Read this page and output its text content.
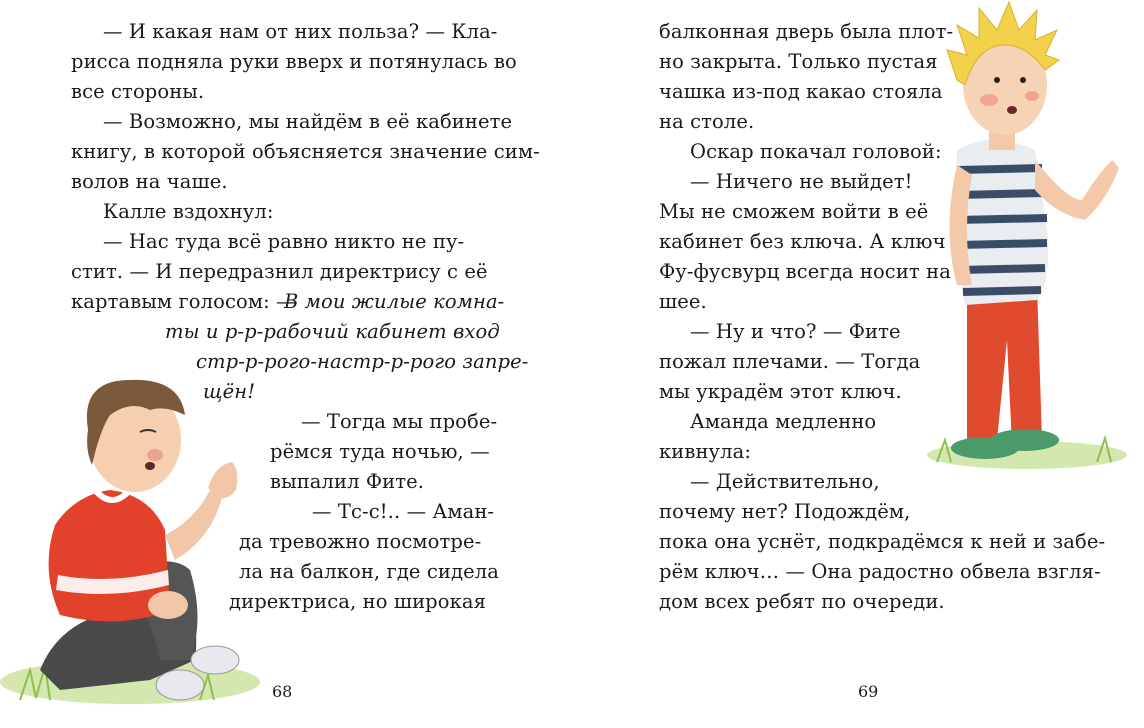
— И какая нам от них польза? — Кла-
рисса подняла руки вверх и потянулась во
все стороны.
— Возможно, мы найдём в её кабинете
книгу, в которой объясняется значение сим-
волов на чаше.
Калле вздохнул:
— Нас туда всё равно никто не пу-
стит. — И передразнил директрису с её
картавым голосом: —
В мои жилые комна-
ты и р-р-рабочий кабинет вход
стр-р-рого-настр-р-рого запре-
щён!
— Тогда мы пробе-
рёмся туда ночью, —
выпалил Фите.
— Тс-с!.. — Аман-
да тревожно посмотре-
ла на балкон, где сидела
директриса, но широкая
68
балконная дверь была плот-
но закрыта. Только пустая
чашка из-под какао стояла
на столе.
Оскар покачал головой:
— Ничего не выйдет!
Мы не сможем войти в её
кабинет без ключа. А ключ
Фу-фусвурц всегда носит на
шее.
— Ну и что? — Фите
пожал плечами. — Тогда
мы украдём этот ключ.
Аманда медленно
кивнула:
— Действительно,
почему нет? Подождём,
пока она уснёт, подкрадёмся к ней и забе-
рём ключ… — Она радостно обвела взгля-
дом всех ребят по очереди.
69
